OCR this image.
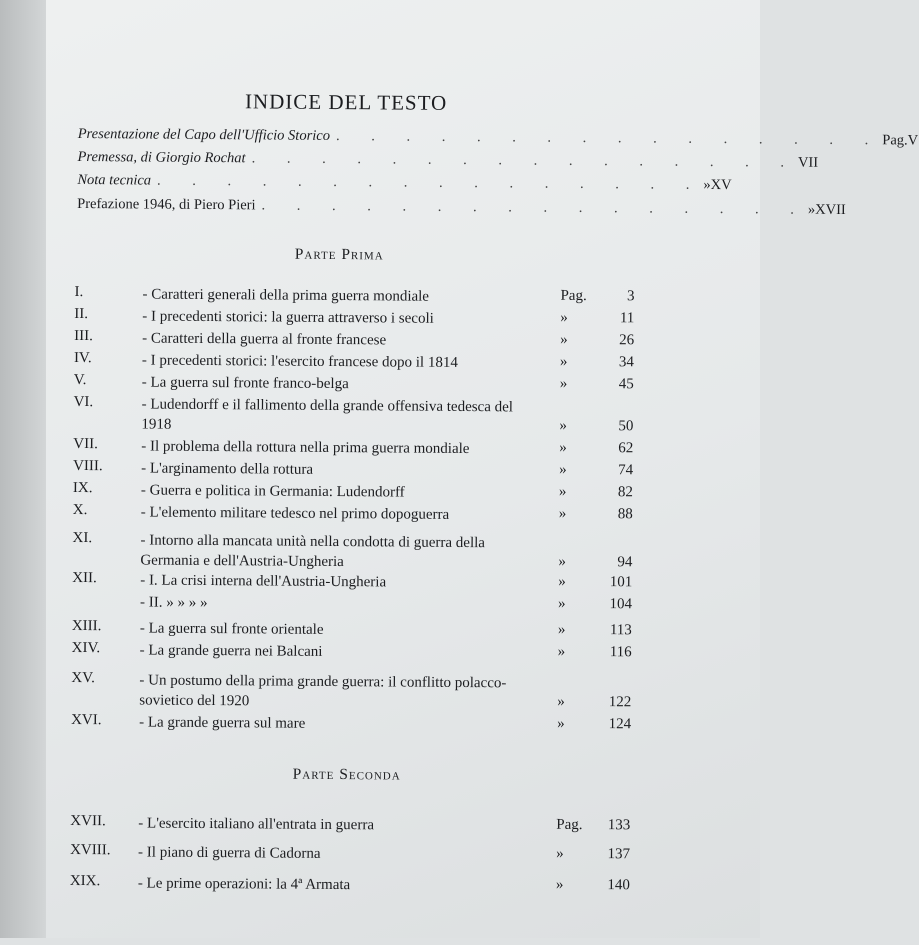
INDICE DEL TESTO
Parte Prima
Parte Seconda
Presentazione del Capo dell'Ufficio Storico . . . . . . . . . . . . . . . . Pag. V
Premessa, di Giorgio Rochat . . . . . . . . . . . . . . . . VII
Nota tecnica . . . . . . . . . . . . . . . . » XV
Prefazione 1946, di Piero Pieri . . . . . . . . . . . . . . . . » XVII
I.	- Caratteri generali della prima guerra mondiale	Pag.	3
II.	- I precedenti storici: la guerra attraverso i secoli	»	11
III.	- Caratteri della guerra al fronte francese	»	26
IV.	- I precedenti storici: l'esercito francese dopo il 1814	»	34
V.	- La guerra sul fronte franco-belga	»	45
VI.	- Ludendorff e il fallimento della grande offensiva tedesca del 1918	»	50
VII.	- Il problema della rottura nella prima guerra mondiale	»	62
VIII.	- L'arginamento della rottura	»	74
IX.	- Guerra e politica in Germania: Ludendorff	»	82
X.	- L'elemento militare tedesco nel primo dopoguerra	»	88
XI.	- Intorno alla mancata unità nella condotta di guerra della Germania e dell'Austria-Ungheria	»	94
XII.	- I. La crisi interna dell'Austria-Ungheria	»	101
- II. » » » »	»	104
XIII.	- La guerra sul fronte orientale	»	113
XIV.	- La grande guerra nei Balcani	»	116
XV.	- Un postumo della prima grande guerra: il conflitto polacco-sovietico del 1920	»	122
XVI. - La grande guerra sul mare	»	124
XVII. - L'esercito italiano all'entrata in guerra	Pag.	133
XVIII. - Il piano di guerra di Cadorna	»	137
XIX. - Le prime operazioni: la 4ª Armata	»	140
